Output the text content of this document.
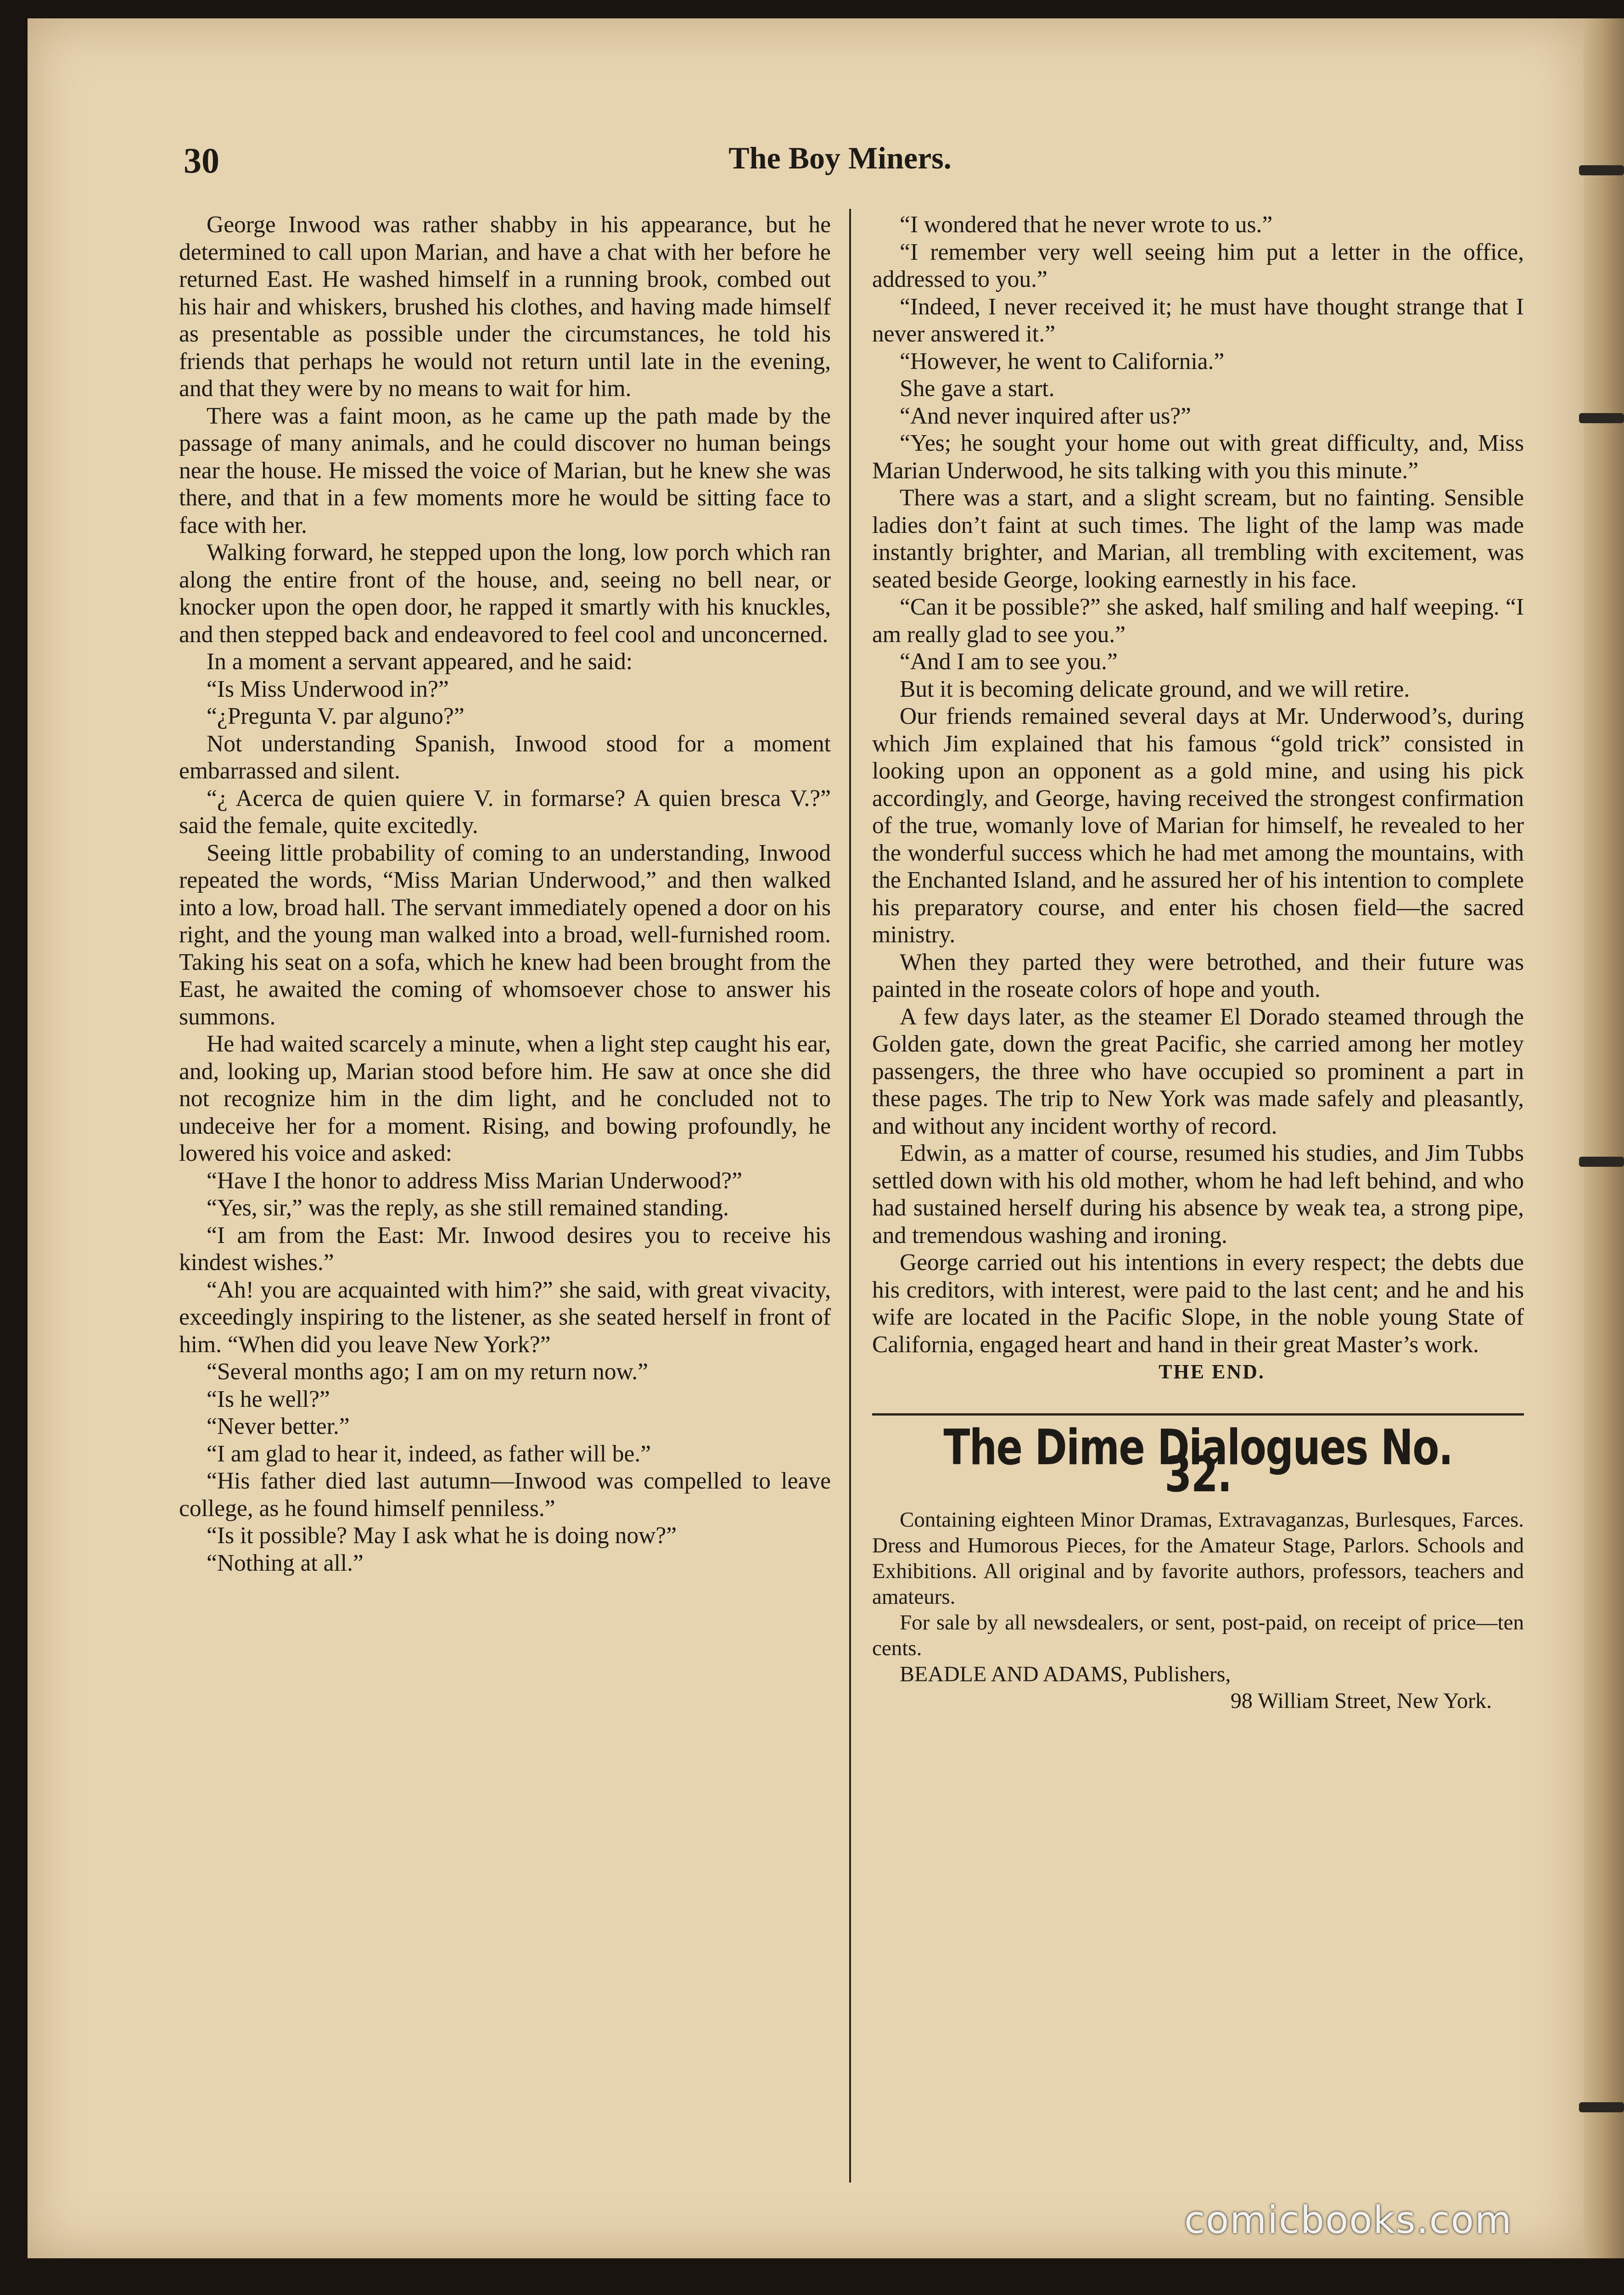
30	The Boy Miners.

George Inwood was rather shabby in his appearance, but he determined to call upon Marian, and have a chat with her before he returned East. He washed himself in a running brook, combed out his hair and whiskers, brushed his clothes, and having made himself as presentable as possible under the circumstances, he told his friends that perhaps he would not return until late in the evening, and that they were by no means to wait for him.

There was a faint moon, as he came up the path made by the passage of many animals, and he could discover no human beings near the house. He missed the voice of Marian, but he knew she was there, and that in a few moments more he would be sitting face to face with her.

Walking forward, he stepped upon the long, low porch which ran along the entire front of the house, and, seeing no bell near, or knocker upon the open door, he rapped it smartly with his knuckles, and then stepped back and endeavored to feel cool and unconcerned.

In a moment a servant appeared, and he said:

“Is Miss Underwood in?”

“¿Pregunta V. par alguno?”

Not understanding Spanish, Inwood stood for a moment embarrassed and silent.

“¿ Acerca de quien quiere V. in formarse? A quien bresca V.?” said the female, quite excitedly.

Seeing little probability of coming to an understanding, Inwood repeated the words, “Miss Marian Underwood,” and then walked into a low, broad hall. The servant immediately opened a door on his right, and the young man walked into a broad, well-furnished room. Taking his seat on a sofa, which he knew had been brought from the East, he awaited the coming of whomsoever chose to answer his summons.

He had waited scarcely a minute, when a light step caught his ear, and, looking up, Marian stood before him. He saw at once she did not recognize him in the dim light, and he concluded not to undeceive her for a moment. Rising, and bowing profoundly, he lowered his voice and asked:

“Have I the honor to address Miss Marian Underwood?”

“Yes, sir,” was the reply, as she still remained standing.

“I am from the East: Mr. Inwood desires you to receive his kindest wishes.”

“Ah! you are acquainted with him?” she said, with great vivacity, exceedingly inspiring to the listener, as she seated herself in front of him. “When did you leave New York?”

“Several months ago; I am on my return now.”

“Is he well?”

“Never better.”

“I am glad to hear it, indeed, as father will be.”

“His father died last autumn—Inwood was compelled to leave college, as he found himself penniless.”

“Is it possible? May I ask what he is doing now?”

“Nothing at all.”

“I wondered that he never wrote to us.”

“I remember very well seeing him put a letter in the office, addressed to you.”

“Indeed, I never received it; he must have thought strange that I never answered it.”

“However, he went to California.”

She gave a start.

“And never inquired after us?”

“Yes; he sought your home out with great difficulty, and, Miss Marian Underwood, he sits talking with you this minute.”

There was a start, and a slight scream, but no fainting. Sensible ladies don’t faint at such times. The light of the lamp was made instantly brighter, and Marian, all trembling with excitement, was seated beside George, looking earnestly in his face.

“Can it be possible?” she asked, half smiling and half weeping. “I am really glad to see you.”

“And I am to see you.”

But it is becoming delicate ground, and we will retire.

Our friends remained several days at Mr. Underwood’s, during which Jim explained that his famous “gold trick” consisted in looking upon an opponent as a gold mine, and using his pick accordingly, and George, having received the strongest confirmation of the true, womanly love of Marian for himself, he revealed to her the wonderful success which he had met among the mountains, with the Enchanted Island, and he assured her of his intention to complete his preparatory course, and enter his chosen field—the sacred ministry.

When they parted they were betrothed, and their future was painted in the roseate colors of hope and youth.

A few days later, as the steamer El Dorado steamed through the Golden gate, down the great Pacific, she carried among her motley passengers, the three who have occupied so prominent a part in these pages. The trip to New York was made safely and pleasantly, and without any incident worthy of record.

Edwin, as a matter of course, resumed his studies, and Jim Tubbs settled down with his old mother, whom he had left behind, and who had sustained herself during his absence by weak tea, a strong pipe, and tremendous washing and ironing.

George carried out his intentions in every respect; the debts due his creditors, with interest, were paid to the last cent; and he and his wife are located in the Pacific Slope, in the noble young State of California, engaged heart and hand in their great Master’s work.

THE END.

The Dime Dialogues No. 32.

Containing eighteen Minor Dramas, Extravaganzas, Burlesques, Farces. Dress and Humorous Pieces, for the Amateur Stage, Parlors. Schools and Exhibitions. All original and by favorite authors, professors, teachers and amateurs.

For sale by all newsdealers, or sent, post-paid, on receipt of price—ten cents.

BEADLE AND ADAMS, Publishers,

98 William Street, New York.

comicbooks.com
